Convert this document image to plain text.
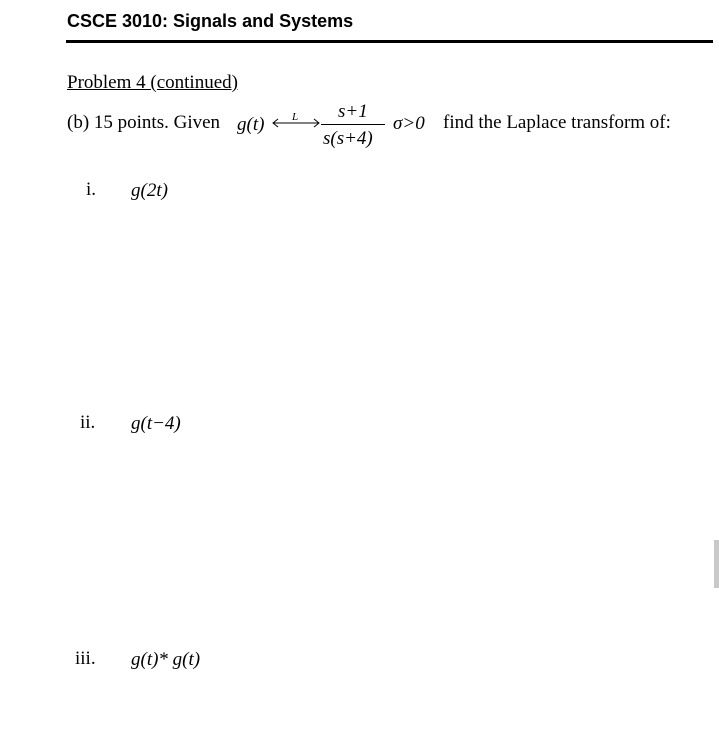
CSCE 3010: Signals and Systems
Problem 4 (continued)
(b) 15 points. Given g(t)	L s+1
s(s+4)
σ>0 find the Laplace transform of:
i. g(2t)
ii. g(t−4)
iii. g(t)* g(t)
